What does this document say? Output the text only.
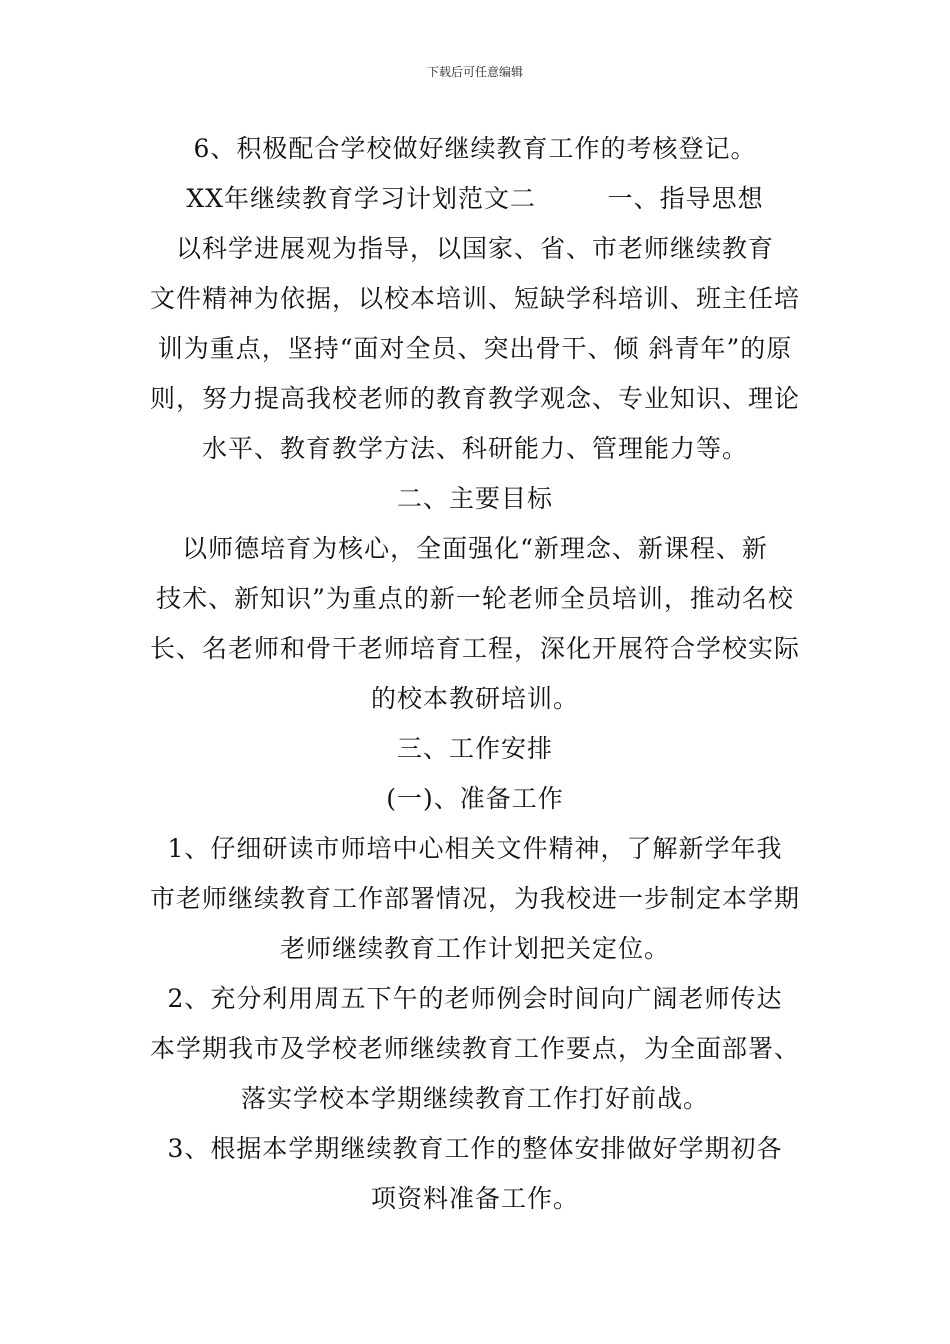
下载后可任意编辑
6、积极配合学校做好继续教育工作的考核登记。
XX年继续教育学习计划范文二        一、指导思想
以科学进展观为指导，以国家、省、市老师继续教育
文件精神为依据，以校本培训、短缺学科培训、班主任培
训为重点，坚持“面对全员、突出骨干、倾 斜青年”的原
则，努力提高我校老师的教育教学观念、专业知识、理论
水平、教育教学方法、科研能力、管理能力等。
二、主要目标
以师德培育为核心，全面强化“新理念、新课程、新
技术、新知识”为重点的新一轮老师全员培训，推动名校
长、名老师和骨干老师培育工程，深化开展符合学校实际
的校本教研培训。
三、工作安排
(一)、准备工作
1、仔细研读市师培中心相关文件精神，了解新学年我
市老师继续教育工作部署情况，为我校进一步制定本学期
老师继续教育工作计划把关定位。
2、充分利用周五下午的老师例会时间向广阔老师传达
本学期我市及学校老师继续教育工作要点，为全面部署、
落实学校本学期继续教育工作打好前战。
3、根据本学期继续教育工作的整体安排做好学期初各
项资料准备工作。
